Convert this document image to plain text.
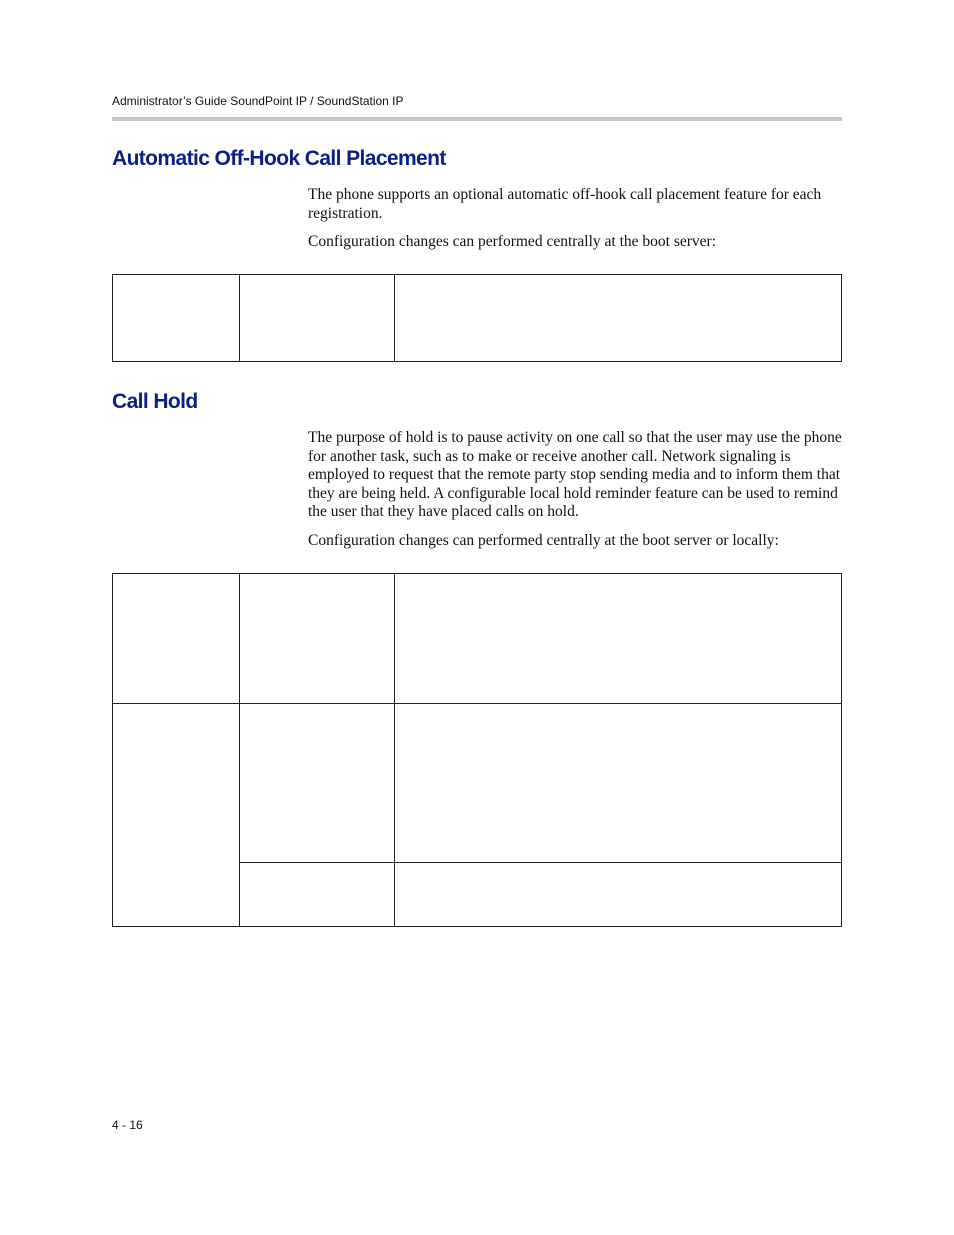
Administrator’s Guide SoundPoint IP / SoundStation IP
Automatic Off-Hook Call Placement

The phone supports an optional automatic off-hook call placement feature for each registration.

Configuration changes can performed centrally at the boot server:

Call Hold

The purpose of hold is to pause activity on one call so that the user may use the phone for another task, such as to make or receive another call. Network signaling is employed to request that the remote party stop sending media and to inform them that they are being held. A configurable local hold reminder feature can be used to remind the user that they have placed calls on hold.

Configuration changes can performed centrally at the boot server or locally:

4 - 16
